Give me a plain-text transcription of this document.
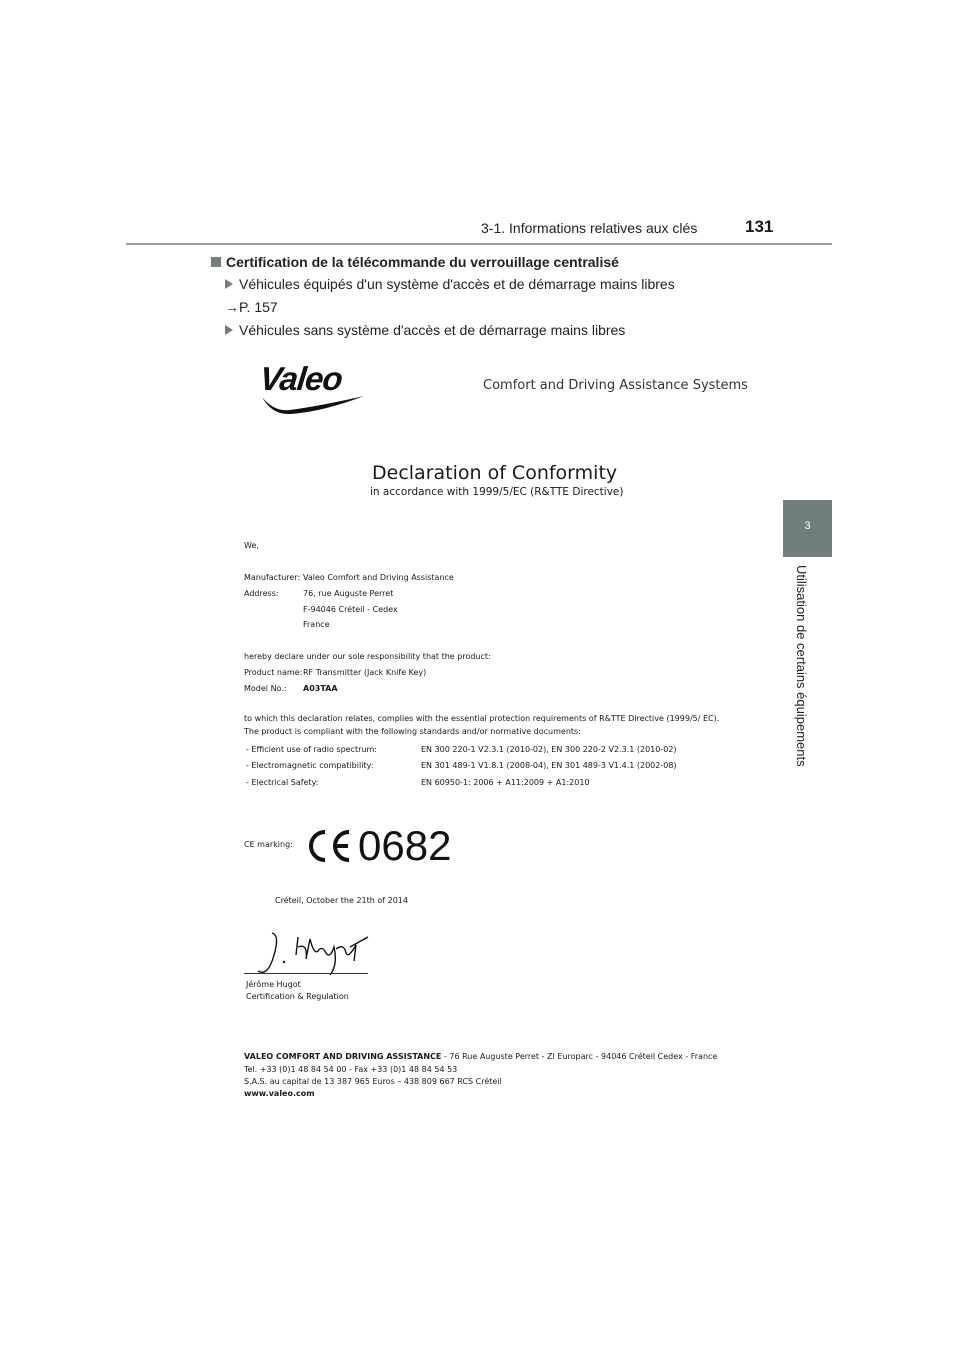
3-1. Informations relatives aux clés	131
3
Utilisation de certains équipements
Certification de la télécommande du verrouillage centralisé
Véhicules équipés d'un système d'accès et de démarrage mains libres
→P. 157
Véhicules sans système d'accès et de démarrage mains libres
Valeo	Comfort and Driving Assistance Systems
Declaration of Conformity
in accordance with 1999/5/EC (R&TTE Directive)
We,
Manufacturer: Valeo Comfort and Driving Assistance
Address:	76, rue Auguste Perret
F-94046 Créteil - Cedex
France
hereby declare under our sole responsibility that the product:
Product name: RF Transmitter (Jack Knife Key)
Model No.: A03TAA
to which this declaration relates, complies with the essential protection requirements of R&TTE Directive (1999/5/ EC).
The product is compliant with the following standards and/or normative documents:
- Efficient use of radio spectrum:	EN 300 220-1 V2.3.1 (2010-02), EN 300 220-2 V2.3.1 (2010-02)
- Electromagnetic compatibility:	EN 301 489-1 V1.8.1 (2008-04), EN 301 489-3 V1.4.1 (2002-08)
- Electrical Safety:	EN 60950-1: 2006 + A11:2009 + A1:2010
CE marking: 0682
Créteil, October the 21th of 2014
Jérôme Hugot
Certification & Regulation
VALEO COMFORT AND DRIVING ASSISTANCE - 76 Rue Auguste Perret - ZI Europarc - 94046 Créteil Cedex - France
Tel. +33 (0)1 48 84 54 00 - Fax +33 (0)1 48 84 54 53
S.A.S. au capital de 13 387 965 Euros – 438 809 667 RCS Créteil
www.valeo.com
